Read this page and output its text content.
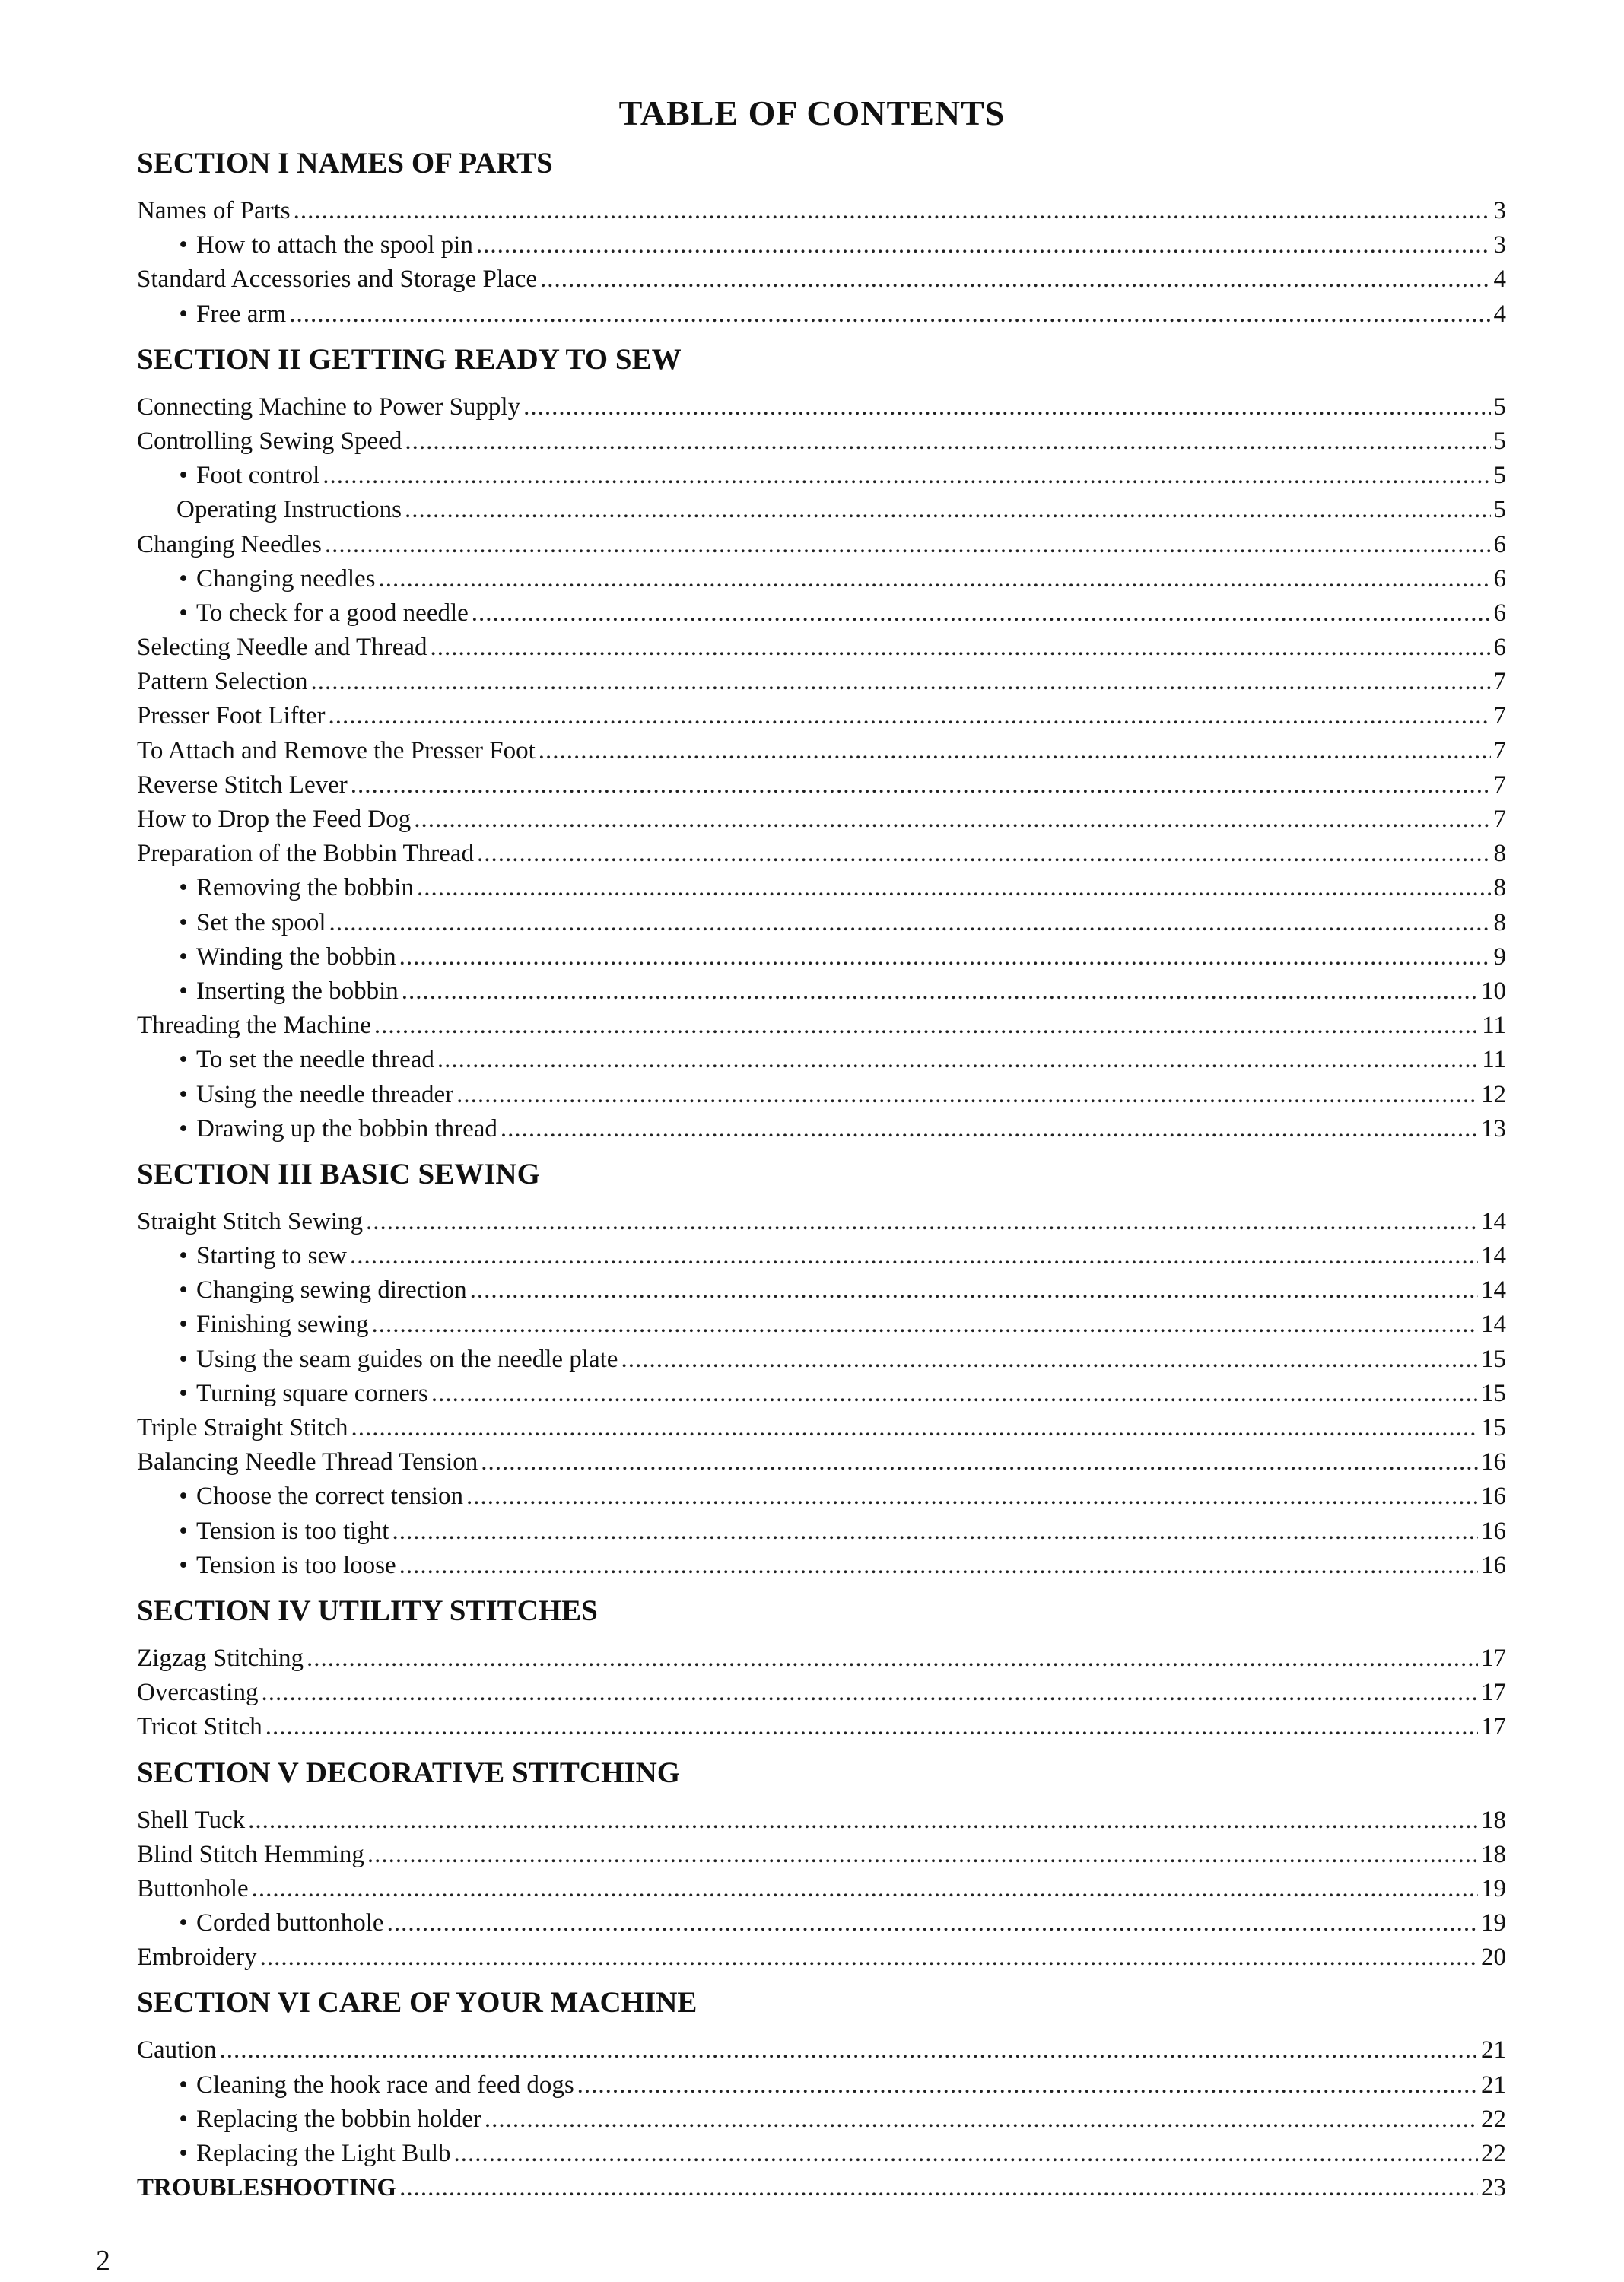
TABLE OF CONTENTS
SECTION I NAMES OF PARTS
Names of Parts .....	3
• How to attach the spool pin .....	3
Standard Accessories and Storage Place .....	4
• Free arm .....	4
SECTION II GETTING READY TO SEW
Connecting Machine to Power Supply .....	5
Controlling Sewing Speed .....	5
• Foot control .....	5
Operating Instructions .....	5
Changing Needles .....	6
• Changing needles .....	6
• To check for a good needle .....	6
Selecting Needle and Thread .....	6
Pattern Selection .....	7
Presser Foot Lifter .....	7
To Attach and Remove the Presser Foot .....	7
Reverse Stitch Lever .....	7
How to Drop the Feed Dog .....	7
Preparation of the Bobbin Thread .....	8
• Removing the bobbin .....	8
• Set the spool .....	8
• Winding the bobbin .....	9
• Inserting the bobbin .....	10
Threading the Machine .....	11
• To set the needle thread .....	11
• Using the needle threader .....	12
• Drawing up the bobbin thread .....	13
SECTION III BASIC SEWING
Straight Stitch Sewing .....	14
• Starting to sew .....	14
• Changing sewing direction .....	14
• Finishing sewing .....	14
• Using the seam guides on the needle plate .....	15
• Turning square corners .....	15
Triple Straight Stitch .....	15
Balancing Needle Thread Tension .....	16
• Choose the correct tension .....	16
• Tension is too tight .....	16
• Tension is too loose .....	16
SECTION IV UTILITY STITCHES
Zigzag Stitching .....	17
Overcasting .....	17
Tricot Stitch .....	17
SECTION V DECORATIVE STITCHING
Shell Tuck .....	18
Blind Stitch Hemming .....	18
Buttonhole .....	19
• Corded buttonhole .....	19
Embroidery .....	20
SECTION VI CARE OF YOUR MACHINE
Caution .....	21
• Cleaning the hook race and feed dogs .....	21
• Replacing the bobbin holder .....	22
• Replacing the Light Bulb .....	22
TROUBLESHOOTING .....	23
2
